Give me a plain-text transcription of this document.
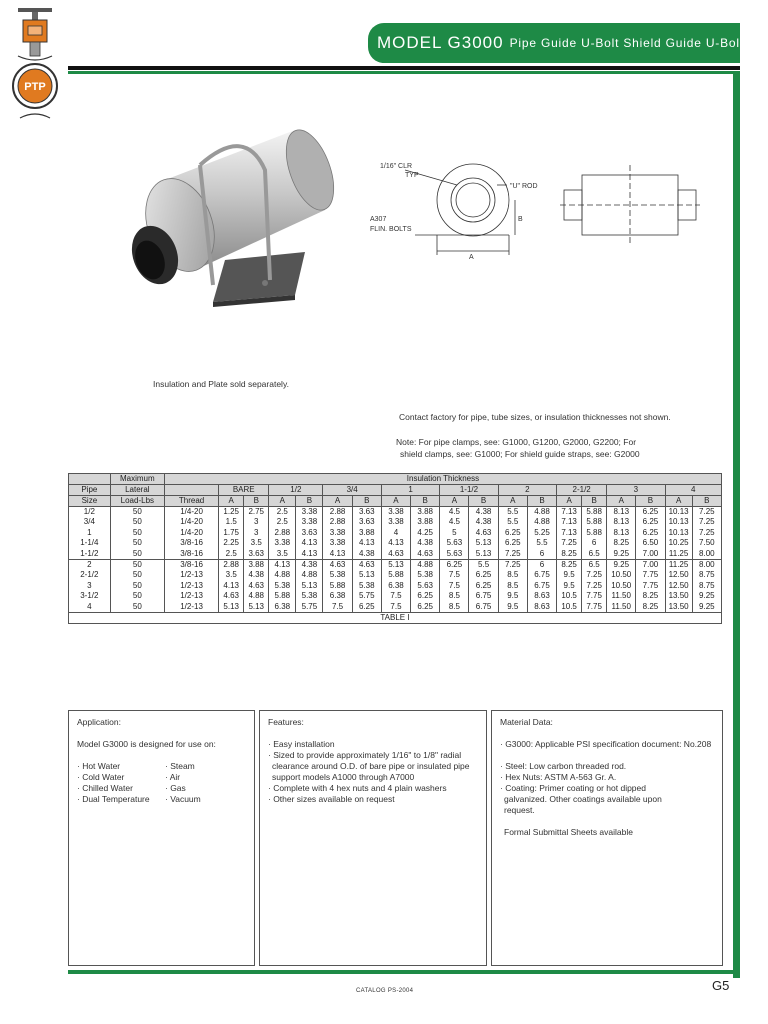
PTP
MODEL G3000 Pipe Guide U-Bolt Shield Guide U-Bolt
1/16" CLR
TYP
"U" ROD
A307
FLIN. BOLTS
A
B
Insulation and Plate sold separately.
Contact factory for pipe, tube sizes, or insulation thicknesses not shown.
Note: For pipe clamps, see: G1000, G1200, G2000, G2200; For
shield clamps, see: G1000; For shield guide straps, see: G2000
	Maximum	Insulation Thickness																		
Pipe	Lateral		BARE		1/2		3/4		1		1-1/2		2		2-1/2		3		4	
Size	Load-Lbs	Thread	A	B	A	B	A	B	A	B	A	B	A	B	A	B	A	B	A	B
1/2	50	1/4-20	1.25	2.75	2.5	3.38	2.88	3.63	3.38	3.88	4.5	4.38	5.5	4.88	7.13	5.88	8.13	6.25	10.13	7.25
3/4	50	1/4-20	1.5	3	2.5	3.38	2.88	3.63	3.38	3.88	4.5	4.38	5.5	4.88	7.13	5.88	8.13	6.25	10.13	7.25
1	50	1/4-20	1.75	3	2.88	3.63	3.38	3.88	4	4.25	5	4.63	6.25	5.25	7.13	5.88	8.13	6.25	10.13	7.25
1-1/4	50	3/8-16	2.25	3.5	3.38	4.13	3.38	4.13	4.13	4.38	5.63	5.13	6.25	5.5	7.25	6	8.25	6.50	10.25	7.50
1-1/2	50	3/8-16	2.5	3.63	3.5	4.13	4.13	4.38	4.63	4.63	5.63	5.13	7.25	6	8.25	6.5	9.25	7.00	11.25	8.00
2	50	3/8-16	2.88	3.88	4.13	4.38	4.63	4.63	5.13	4.88	6.25	5.5	7.25	6	8.25	6.5	9.25	7.00	11.25	8.00
2-1/2	50	1/2-13	3.5	4.38	4.88	4.88	5.38	5.13	5.88	5.38	7.5	6.25	8.5	6.75	9.5	7.25	10.50	7.75	12.50	8.75
3	50	1/2-13	4.13	4.63	5.38	5.13	5.88	5.38	6.38	5.63	7.5	6.25	8.5	6.75	9.5	7.25	10.50	7.75	12.50	8.75
3-1/2	50	1/2-13	4.63	4.88	5.88	5.38	6.38	5.75	7.5	6.25	8.5	6.75	9.5	8.63	10.5	7.75	11.50	8.25	13.50	9.25
4	50	1/2-13	5.13	5.13	6.38	5.75	7.5	6.25	7.5	6.25	8.5	6.75	9.5	8.63	10.5	7.75	11.50	8.25	13.50	9.25
TABLE I																				
Application:
Model G3000 is designed for use on:
· Hot Water
· Cold Water
· Chilled Water
· Dual Temperature
· Steam
· Air
· Gas
· Vacuum
Features:
· Easy installation
· Sized to provide approximately 1/16" to 1/8" radial
clearance around O.D. of bare pipe or insulated pipe
support models A1000 through A7000
· Complete with 4 hex nuts and 4 plain washers
· Other sizes available on request
Material Data:
· G3000: Applicable PSI specification document: No.208
· Steel: Low carbon threaded rod.
· Hex Nuts: ASTM A-563 Gr. A.
· Coating: Primer coating or hot dipped
galvanized. Other coatings available upon
request.
Formal Submittal Sheets available
CATALOG PS-2004	G5
